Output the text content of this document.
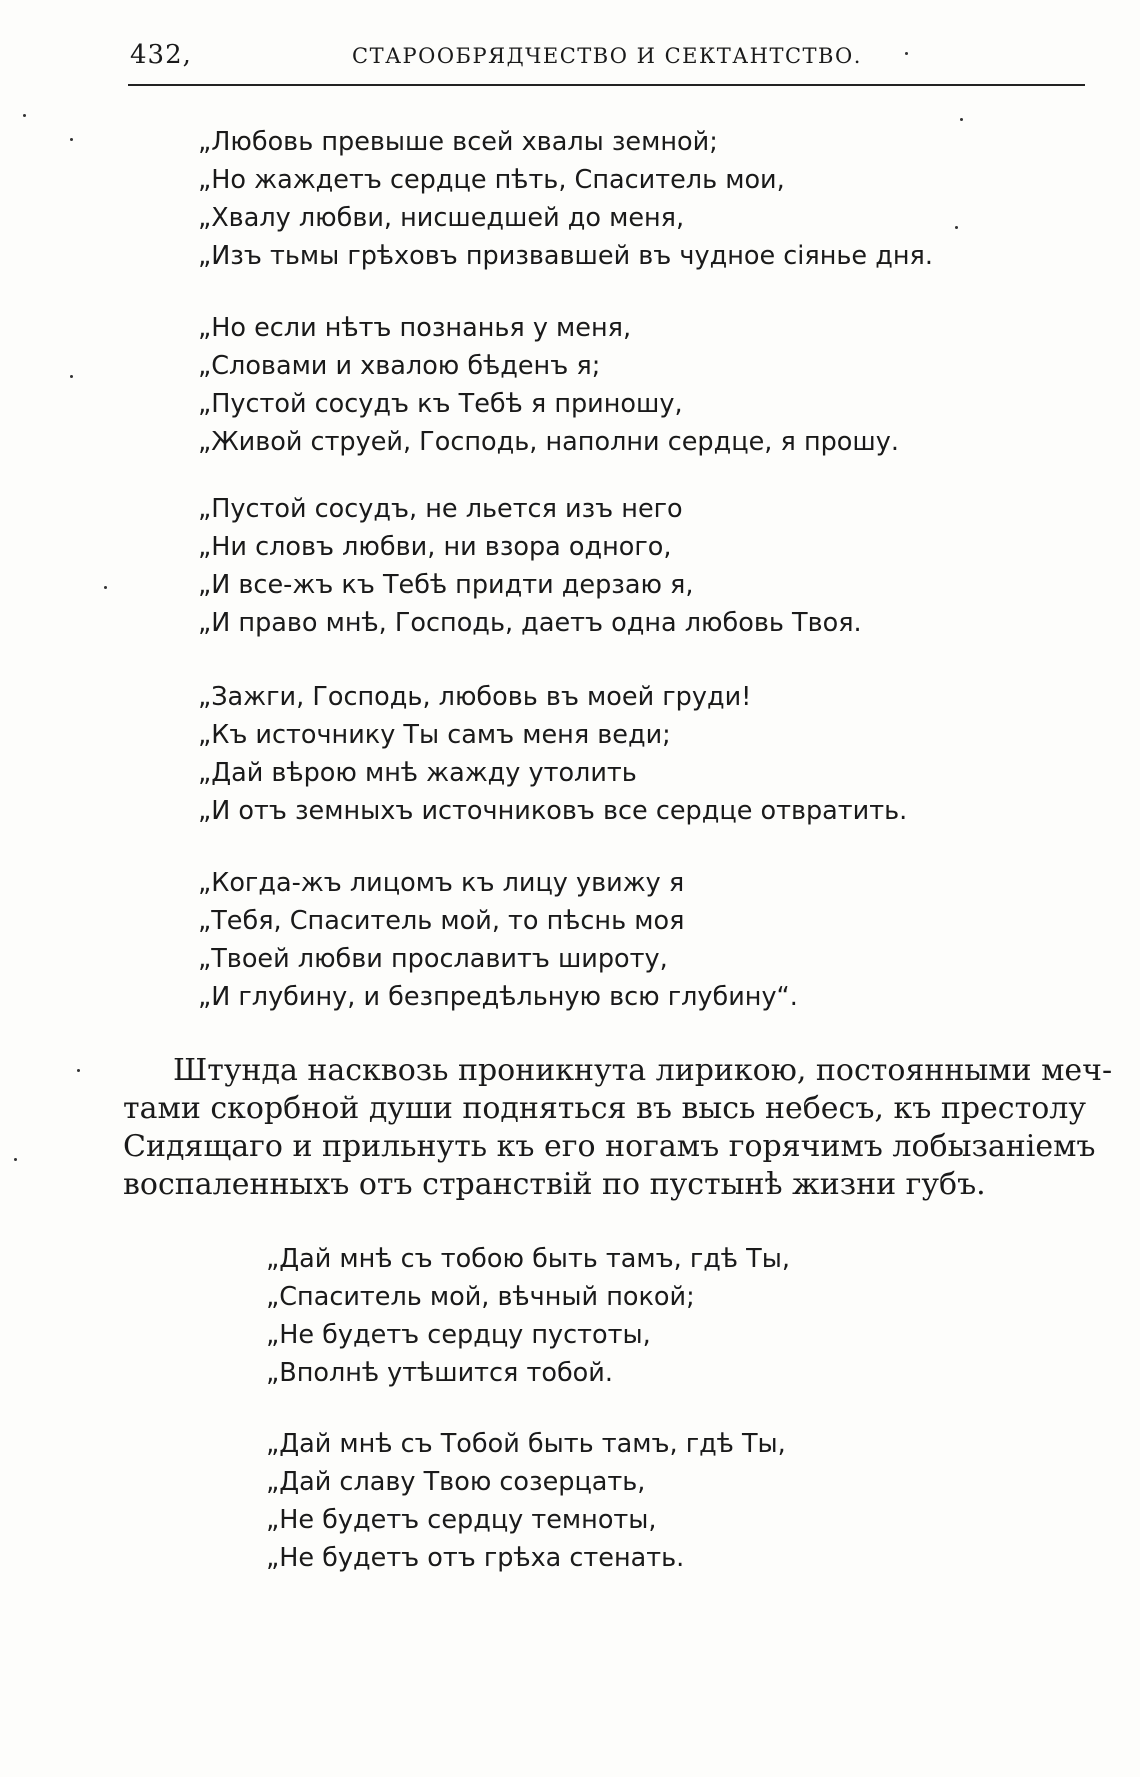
432,	СТАРООБРЯДЧЕСТВО И СЕКТАНТСТВО.
„Любовь превыше всей хвалы земной;
„Но жаждетъ сердце пѣть, Спаситель мои,
„Хвалу любви, нисшедшей до меня,
„Изъ тьмы грѣховъ призвавшей въ чудное сіянье дня.
„Но если нѣтъ познанья у меня,
„Словами и хвалою бѣденъ я;
„Пустой сосудъ къ Тебѣ я приношу,
„Живой струей, Господь, наполни сердце, я прошу.
„Пустой сосудъ, не льется изъ него
„Ни словъ любви, ни взора одного,
„И все-жъ къ Тебѣ придти дерзаю я,
„И право мнѣ, Господь, даетъ одна любовь Твоя.
„Зажги, Господь, любовь въ моей груди!
„Къ источнику Ты самъ меня веди;
„Дай вѣрою мнѣ жажду утолить
„И отъ земныхъ источниковъ все сердце отвратить.
„Когда-жъ лицомъ къ лицу увижу я
„Тебя, Спаситель мой, то пѣснь моя
„Твоей любви прославитъ широту,
„И глубину, и безпредѣльную всю глубину“.
Штунда насквозь проникнута лирикою, постоянными меч-
тами скорбной души подняться въ высь небесъ, къ престолу
Сидящаго и прильнуть къ его ногамъ горячимъ лобызаніемъ
воспаленныхъ отъ странствій по пустынѣ жизни губъ.
„Дай мнѣ съ тобою быть тамъ, гдѣ Ты,
„Спаситель мой, вѣчный покой;
„Не будетъ сердцу пустоты,
„Вполнѣ утѣшится тобой.
„Дай мнѣ съ Тобой быть тамъ, гдѣ Ты,
„Дай славу Твою созерцать,
„Не будетъ сердцу темноты,
„Не будетъ отъ грѣха стенать.
